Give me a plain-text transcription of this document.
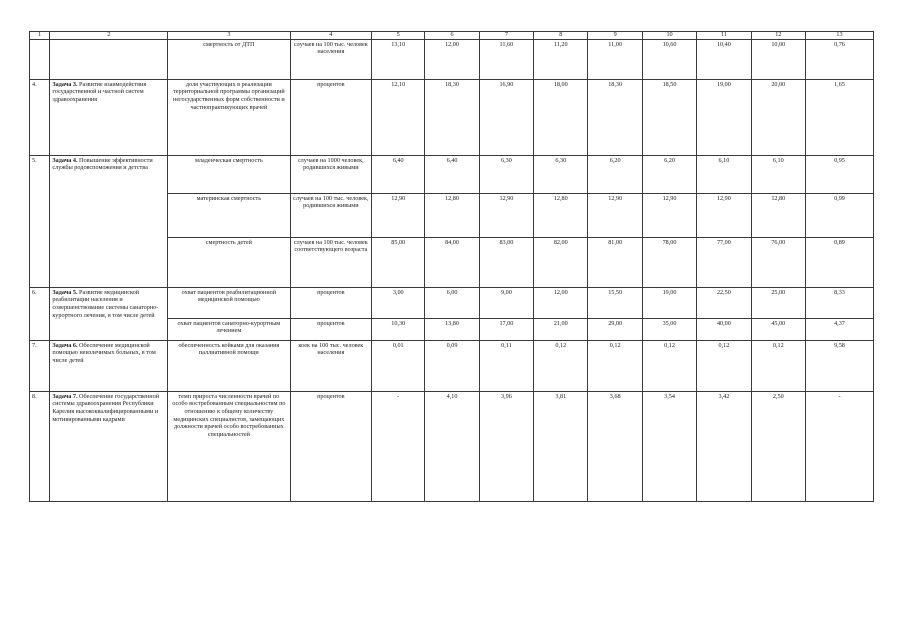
1	2	3	4	5	6	7	8	9	10	11	12	13
		смертность от ДТП	случаев на 100 тыс. человек населения	13,10	12,00	11,60	11,20	11,00	10,60	10,40	10,00	0,76
4.	Задача 3. Развитие взаимодействия государственной и частной систем здравоохранения	доля участвующих в реализации территориальной программы организаций негосударственных форм собственности и частнопрактикующих врачей	процентов	12,10	18,30	16,90	18,00	18,30	18,50	19,00	20,00	1,65
5.	Задача 4. Повышение эффективности службы родовспоможения и детства	младенческая смертность	случаев на 1000 человек, родившихся живыми	6,40	6,40	6,30	6,30	6,20	6,20	6,10	6,10	0,95
		материнская смертность	случаев на 100 тыс. человек, родившихся живыми	12,90	12,80	12,90	12,80	12,90	12,90	12,90	12,80	0,99
		смертность детей	случаев на 100 тыс. человек соответствующего возраста	85,00	84,00	83,00	82,00	81,00	78,00	77,00	76,00	0,89
6.	Задача 5. Развитие медицинской реабилитации населения и совершенствование системы санаторно-курортного лечения, в том числе детей	охват пациентов реабилитационной медицинской помощью	процентов	3,00	6,00	9,00	12,00	15,50	19,00	22,50	25,00	8,33
		охват пациентов санаторно-курортным лечением	процентов	10,30	13,80	17,00	21,00	29,00	35,00	40,00	45,00	4,37
7.	Задача 6. Обеспечение медицинской помощью неизлечимых больных, в том числе детей	обеспеченность койками для оказания паллиативной помощи	коек на 100 тыс. человек населения	0,01	0,09	0,11	0,12	0,12	0,12	0,12	0,12	9,58
8.	Задача 7. Обеспечение государственной системы здравоохранения Республики Карелия высококвалифицированными и мотивированными кадрами	темп прироста численности врачей по особо востребованным специальностям по отношению к общему количеству медицинских специалистов, замещающих должности врачей особо востребованных специальностей	процентов	-	4,10	3,96	3,81	3,68	3,54	3,42	2,50	-
